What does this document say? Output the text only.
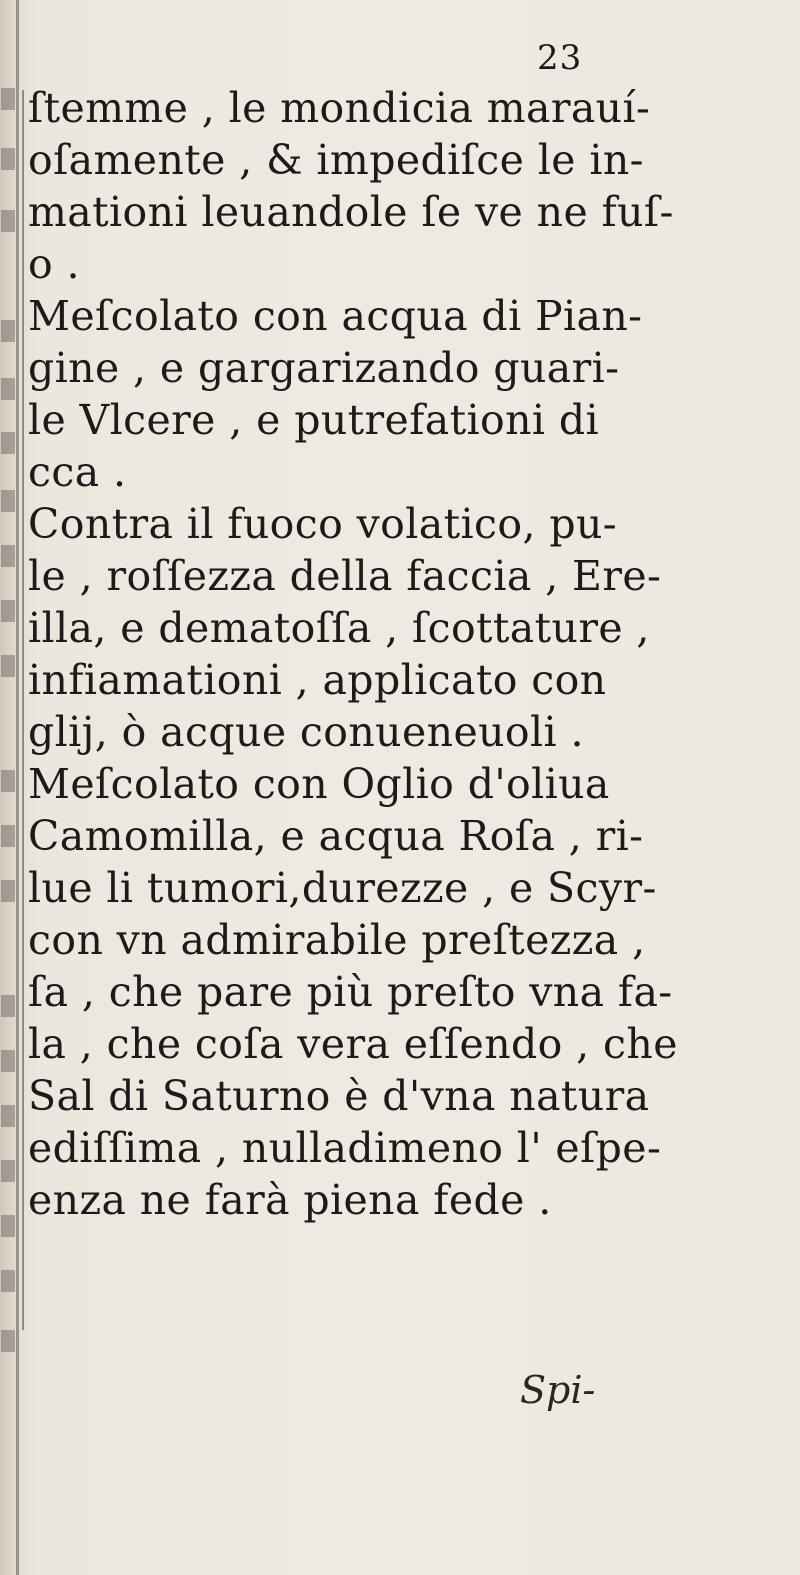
23
ſtemme , le mondicia marauí-
oſamente , & impediſce le in-
mationi leuandole ſe ve ne fuſ-
o .
Meſcolato con acqua di Pian-
gine , e gargarizando guari-
le Vlcere , e putrefationi di
cca .
Contra il fuoco volatico, pu-
le , roſſezza della faccia , Ere-
illa, e dematoſſa , ſcottature ,
infiamationi , applicato con
glij, ò acque conueneuoli .
Meſcolato con Oglio d'oliua
Camomilla, e acqua Roſa , ri-
lue li tumori,durezze , e Scyr-
con vn admirabile preſtezza ,
ſa , che pare più preſto vna fa-
la , che coſa vera eſſendo , che
Sal di Saturno è d'vna natura
ediſſima , nulladimeno l' eſpe-
enza ne farà piena fede .
Spi-
